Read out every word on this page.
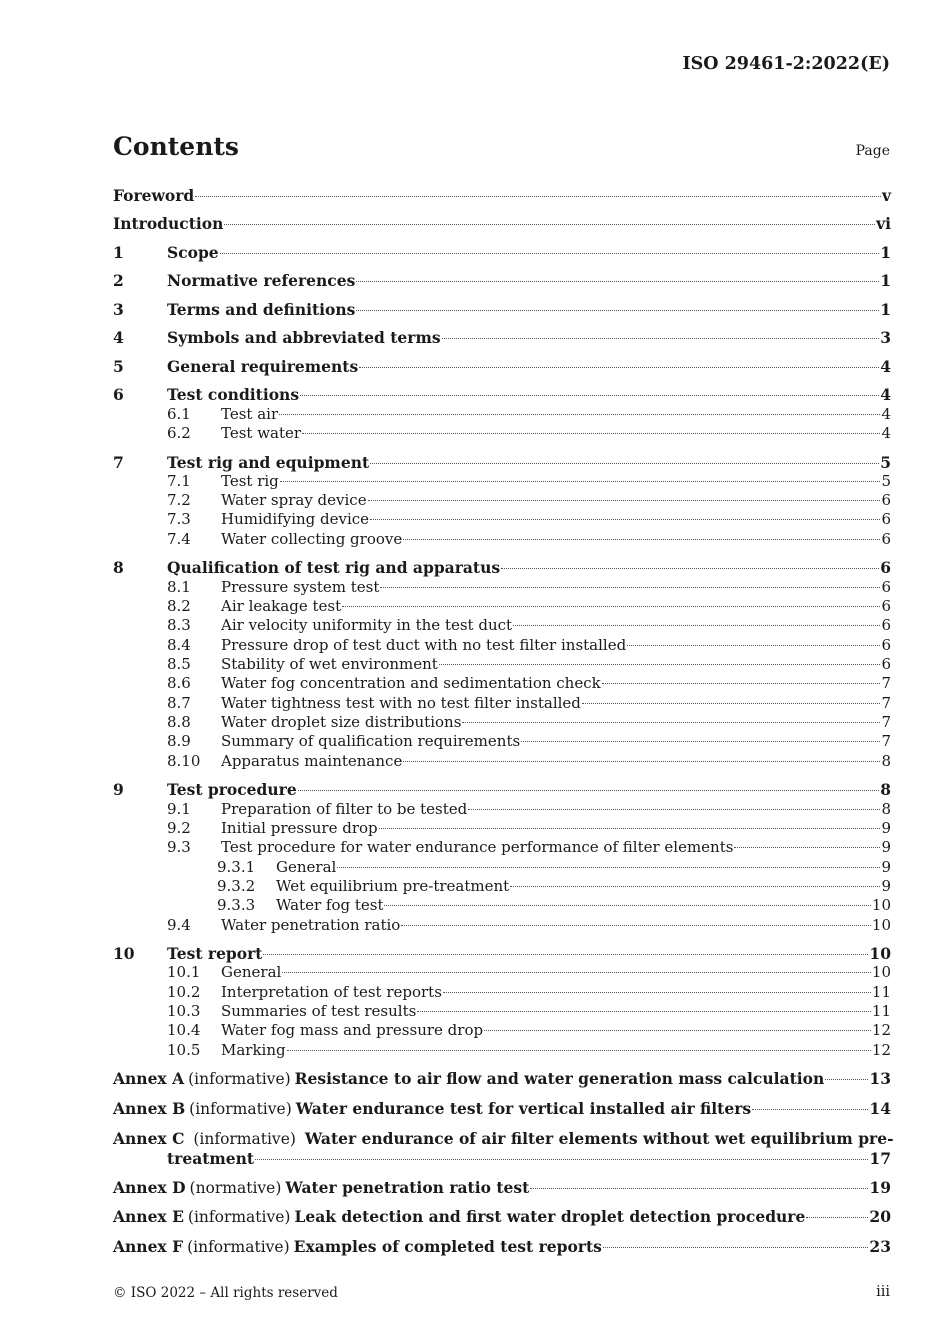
ISO 29461-2:2022(E)
Contents	Page
Foreword	v
Introduction	vi
1	Scope	1
2	Normative references	1
3	Terms and definitions	1
4	Symbols and abbreviated terms	3
5	General requirements	4
6	Test conditions	4
6.1	Test air	4
6.2	Test water	4
7	Test rig and equipment	5
7.1	Test rig	5
7.2	Water spray device	6
7.3	Humidifying device	6
7.4	Water collecting groove	6
8	Qualification of test rig and apparatus	6
8.1	Pressure system test	6
8.2	Air leakage test	6
8.3	Air velocity uniformity in the test duct	6
8.4	Pressure drop of test duct with no test filter installed	6
8.5	Stability of wet environment	6
8.6	Water fog concentration and sedimentation check	7
8.7	Water tightness test with no test filter installed	7
8.8	Water droplet size distributions	7
8.9	Summary of qualification requirements	7
8.10	Apparatus maintenance	8
9	Test procedure	8
9.1	Preparation of filter to be tested	8
9.2	Initial pressure drop	9
9.3	Test procedure for water endurance performance of filter elements	9
9.3.1	General	9
9.3.2	Wet equilibrium pre-treatment	9
9.3.3	Water fog test	10
9.4	Water penetration ratio	10
10	Test report	10
10.1	General	10
10.2	Interpretation of test reports	11
10.3	Summaries of test results	11
10.4	Water fog mass and pressure drop	12
10.5	Marking	12
Annex A (informative) Resistance to air flow and water generation mass calculation	13
Annex B (informative) Water endurance test for vertical installed air filters	14
Annex C (informative) Water endurance of air filter elements without wet equilibrium pre-
treatment	17
Annex D (normative) Water penetration ratio test	19
Annex E (informative) Leak detection and first water droplet detection procedure	20
Annex F (informative) Examples of completed test reports	23
© ISO 2022 – All rights reserved	iii
